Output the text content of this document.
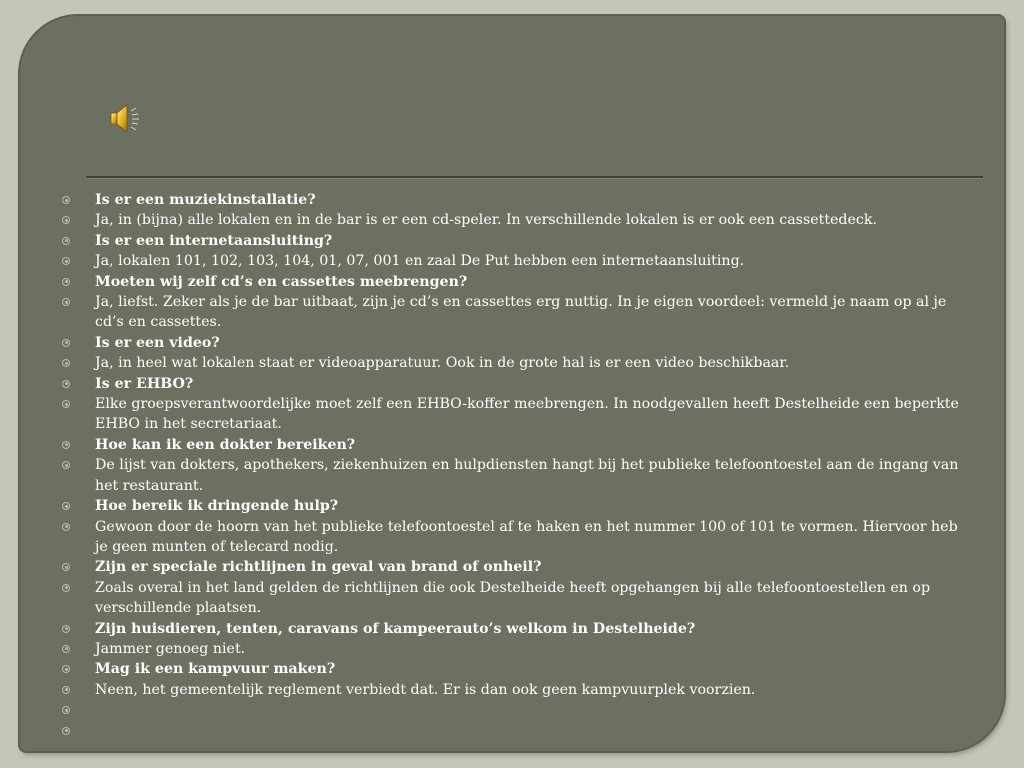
Is er een muziekinstallatie?
Ja, in (bijna) alle lokalen en in de bar is er een cd-speler. In verschillende lokalen is er ook een cassettedeck.
Is er een internetaansluiting?
Ja, lokalen 101, 102, 103, 104, 01, 07, 001 en zaal De Put hebben een internetaansluiting.
Moeten wij zelf cd’s en cassettes meebrengen?
Ja, liefst. Zeker als je de bar uitbaat, zijn je cd’s en cassettes erg nuttig. In je eigen voordeel: vermeld je naam op al je cd’s en cassettes.
Is er een video?
Ja, in heel wat lokalen staat er videoapparatuur. Ook in de grote hal is er een video beschikbaar.
Is er EHBO?
Elke groepsverantwoordelijke moet zelf een EHBO-koffer meebrengen. In noodgevallen heeft Destelheide een beperkte EHBO in het secretariaat.
Hoe kan ik een dokter bereiken?
De lijst van dokters, apothekers, ziekenhuizen en hulpdiensten hangt bij het publieke telefoontoestel aan de ingang van het restaurant.
Hoe bereik ik dringende hulp?
Gewoon door de hoorn van het publieke telefoontoestel af te haken en het nummer 100 of 101 te vormen. Hiervoor heb je geen munten of telecard nodig.
Zijn er speciale richtlijnen in geval van brand of onheil?
Zoals overal in het land gelden de richtlijnen die ook Destelheide heeft opgehangen bij alle telefoontoestellen en op verschillende plaatsen.
Zijn huisdieren, tenten, caravans of kampeerauto’s welkom in Destelheide?
Jammer genoeg niet.
Mag ik een kampvuur maken?
Neen, het gemeentelijk reglement verbiedt dat. Er is dan ook geen kampvuurplek voorzien.
